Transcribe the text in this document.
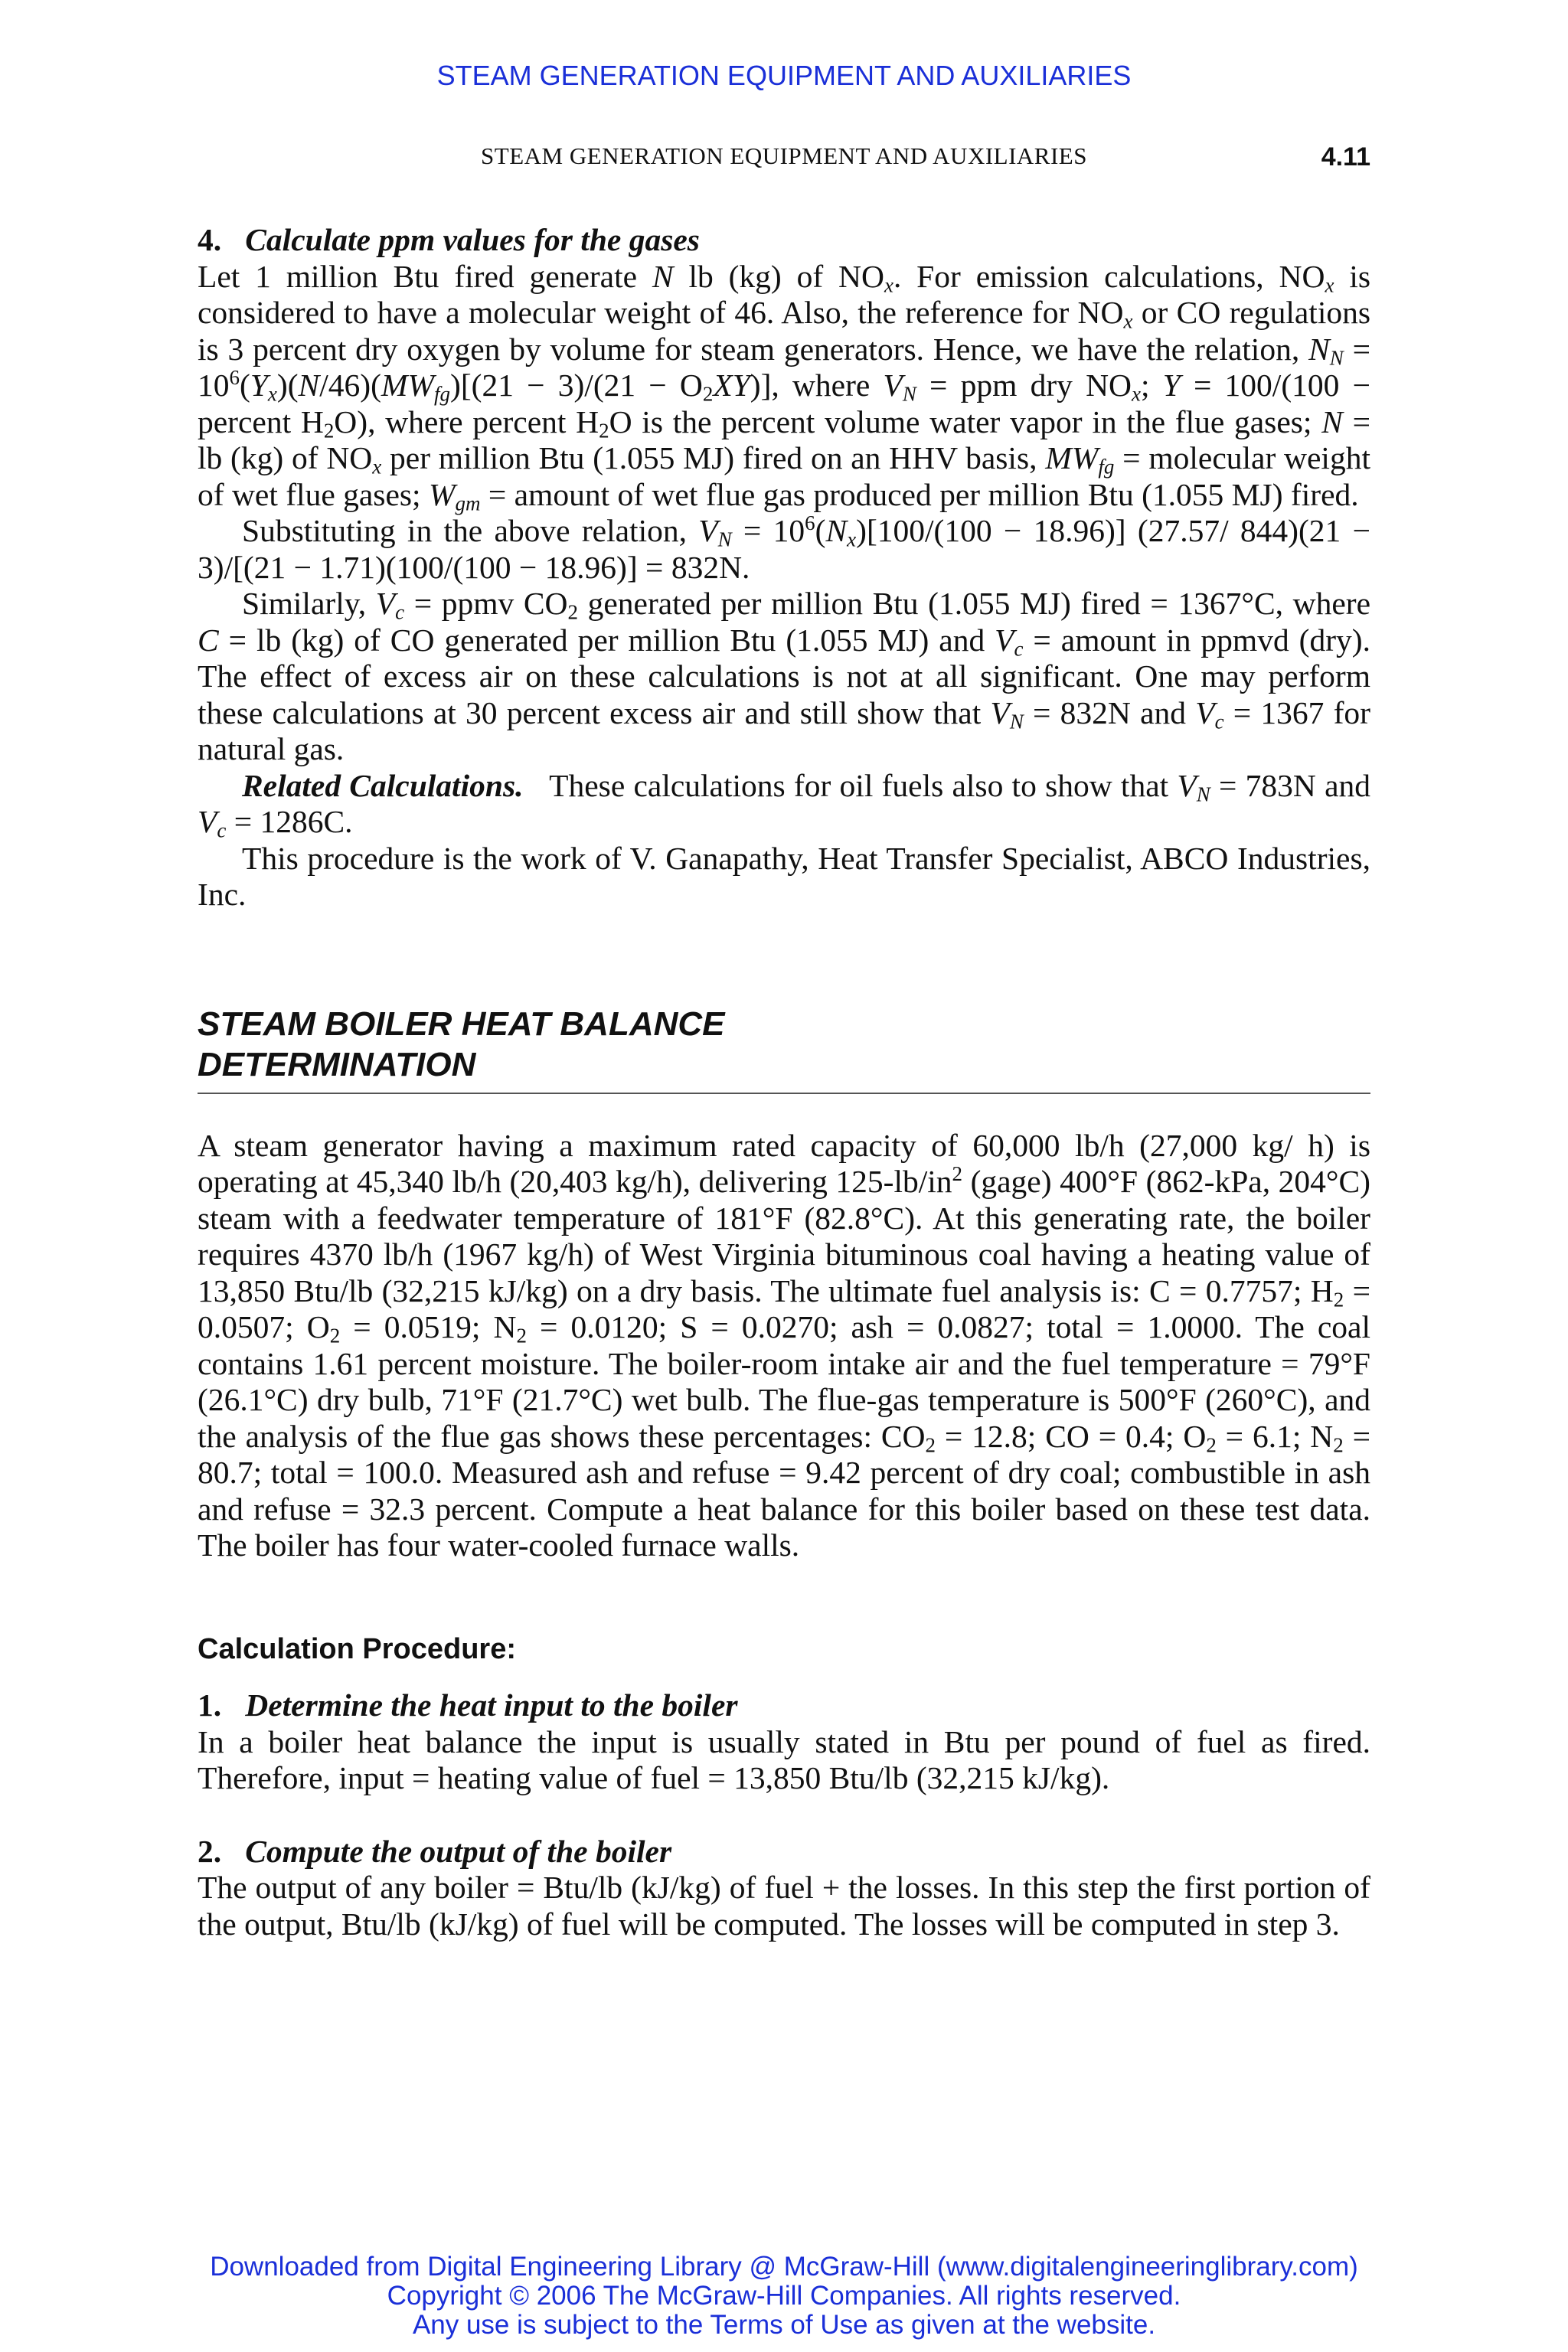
STEAM GENERATION EQUIPMENT AND AUXILIARIES
STEAM GENERATION EQUIPMENT AND AUXILIARIES	4.11

4. Calculate ppm values for the gases

Let 1 million Btu fired generate N lb (kg) of $NO_x$. For emission calculations, $NO_x$ is considered to have a molecular weight of 46. Also, the reference for $NO_x$ or CO regulations is 3 percent dry oxygen by volume for steam generators. Hence, we have the relation, $N_N = 10^6(Y_x)(N/46)(MW_{fg})[(21 - 3)/(21 - O_2XY)]$, where $V_N$ = ppm dry $NO_x$; Y = 100/(100 − percent $H_2O$), where percent $H_2O$ is the percent volume water vapor in the flue gases; N = lb (kg) of $NO_x$ per million Btu (1.055 MJ) fired on an HHV basis, $MW_{fg}$ = molecular weight of wet flue gases; $W_{gm}$ = amount of wet flue gas produced per million Btu (1.055 MJ) fired.

Substituting in the above relation, $V_N = 10^6(N_x)[100/(100 - 18.96)]$ (27.57/ 844)(21 − 3)/[(21 − 1.71)(100/(100 − 18.96)] = 832N.

Similarly, $V_c$ = ppmv $CO_2$ generated per million Btu (1.055 MJ) fired = 1367°C, where C = lb (kg) of CO generated per million Btu (1.055 MJ) and $V_c$ = amount in ppmvd (dry). The effect of excess air on these calculations is not at all significant. One may perform these calculations at 30 percent excess air and still show that $V_N = 832N$ and $V_c = 1367$ for natural gas.

Related Calculations.   These calculations for oil fuels also to show that $V_N = 783N$ and $V_c = 1286C$.

This procedure is the work of V. Ganapathy, Heat Transfer Specialist, ABCO Industries, Inc.

STEAM BOILER HEAT BALANCE
DETERMINATION

A steam generator having a maximum rated capacity of 60,000 lb/h (27,000 kg/ h) is operating at 45,340 lb/h (20,403 kg/h), delivering $125-lb/in^2$ (gage) 400°F (862-kPa, 204°C) steam with a feedwater temperature of 181°F (82.8°C). At this generating rate, the boiler requires 4370 lb/h (1967 kg/h) of West Virginia bituminous coal having a heating value of 13,850 Btu/lb (32,215 kJ/kg) on a dry basis. The ultimate fuel analysis is: C = 0.7757; $H_2 = 0.0507$; $O_2 = 0.0519$; $N_2 = 0.0120$; S = 0.0270; ash = 0.0827; total = 1.0000. The coal contains 1.61 percent moisture. The boiler-room intake air and the fuel temperature = 79°F (26.1°C) dry bulb, 71°F (21.7°C) wet bulb. The flue-gas temperature is 500°F (260°C), and the analysis of the flue gas shows these percentages: $CO_2 = 12.8$; CO = 0.4; $O_2 = 6.1$; $N_2 = 80.7$; total = 100.0. Measured ash and refuse = 9.42 percent of dry coal; combustible in ash and refuse = 32.3 percent. Compute a heat balance for this boiler based on these test data. The boiler has four water-cooled furnace walls.

Calculation Procedure:

1. Determine the heat input to the boiler

In a boiler heat balance the input is usually stated in Btu per pound of fuel as fired. Therefore, input = heating value of fuel = 13,850 Btu/lb (32,215 kJ/kg).

2. Compute the output of the boiler

The output of any boiler = Btu/lb (kJ/kg) of fuel + the losses. In this step the first portion of the output, Btu/lb (kJ/kg) of fuel will be computed. The losses will be computed in step 3.

Downloaded from Digital Engineering Library @ McGraw-Hill (www.digitalengineeringlibrary.com)
Copyright © 2006 The McGraw-Hill Companies. All rights reserved.
Any use is subject to the Terms of Use as given at the website.
